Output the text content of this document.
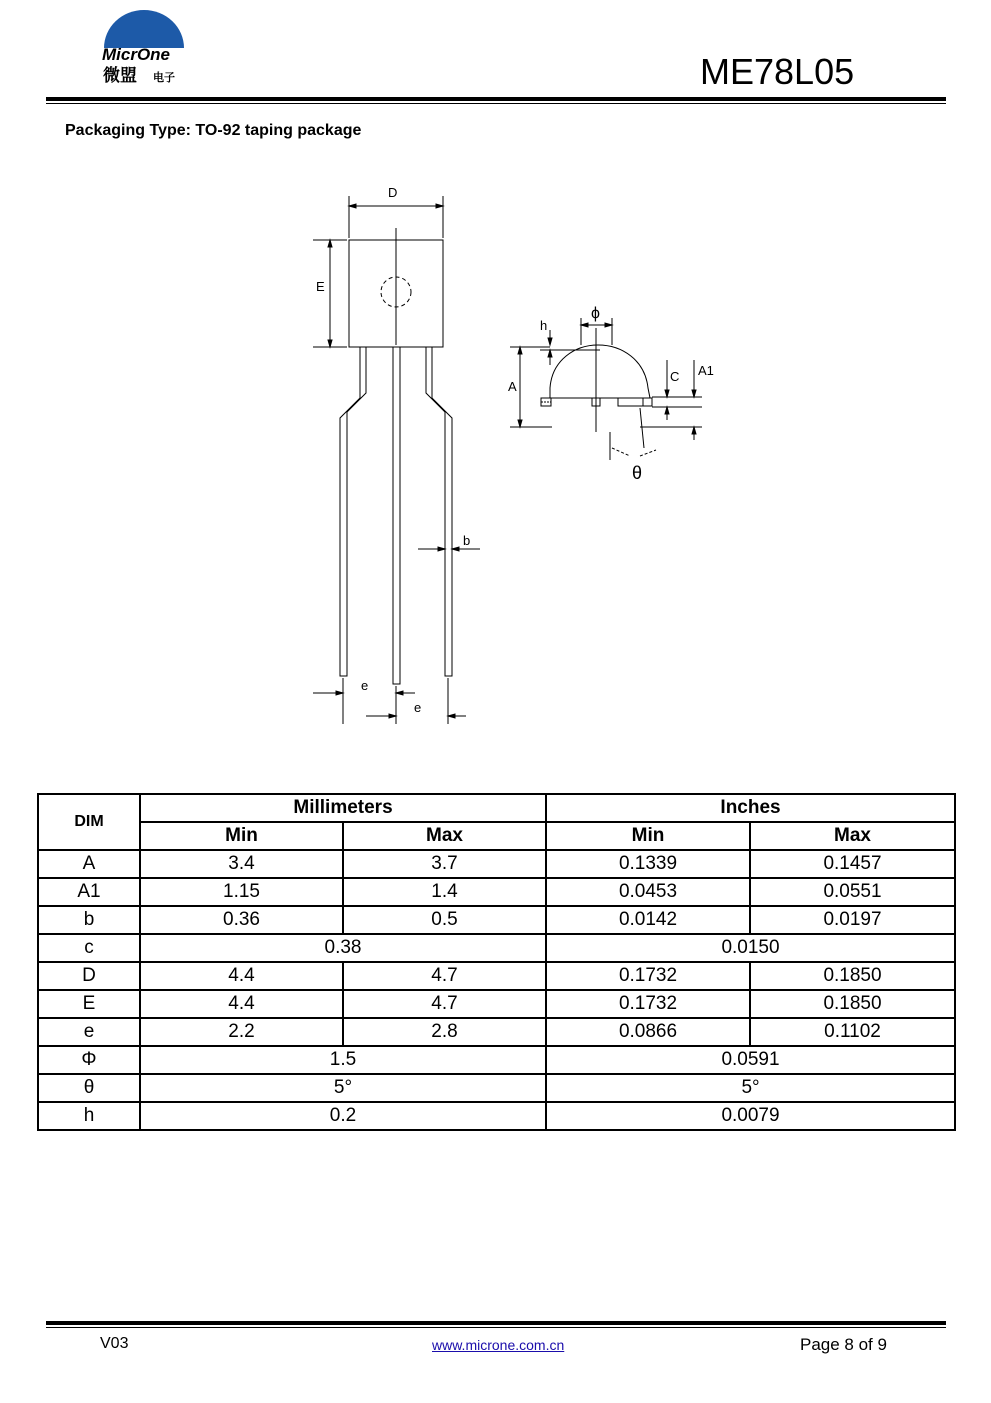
MicrOne
微盟 电子	ME78L05
Packaging Type: TO-92 taping package
D
E
b
e
e
h
ϕ
A
C A1
θ
DIM	Millimeters		Inches	
	Min	Max	Min	Max
A	3.4	3.7	0.1339	0.1457
A1	1.15	1.4	0.0453	0.0551
b	0.36	0.5	0.0142	0.0197
c	0.38		0.0150	
D	4.4	4.7	0.1732	0.1850
E	4.4	4.7	0.1732	0.1850
e	2.2	2.8	0.0866	0.1102
Φ	1.5		0.0591	
θ	5°		5°	
h	0.2		0.0079	
V03	www.microne.com.cn	Page 8 of 9
